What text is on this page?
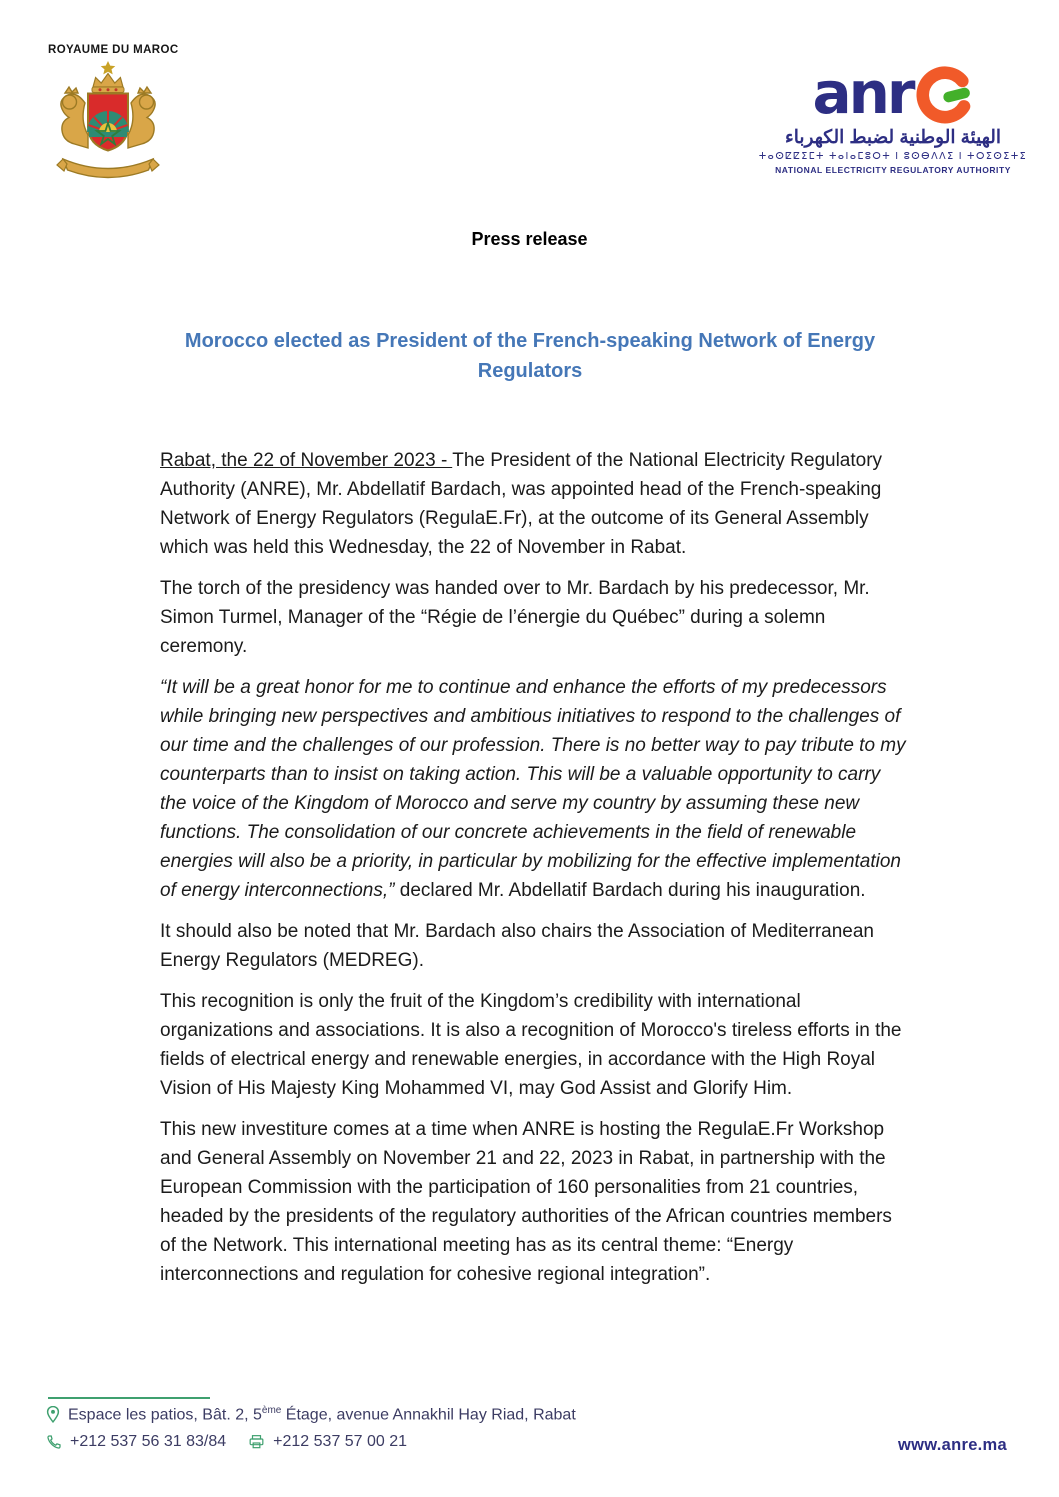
ROYAUME DU MAROC
anr
الهيئة الوطنية لضبط الكهرباء
ⵜⴰⵙⵇⵇⵉⵎⵜ ⵜⴰⵏⴰⵎⵓⵔⵜ ⵏ ⵓⵙⴱⴷⴷⵉ ⵏ ⵜⵔⵉⵙⵉⵜⵉ
NATIONAL ELECTRICITY REGULATORY AUTHORITY
Press release
Morocco elected as President of the French-speaking Network of Energy Regulators

Rabat, the 22 of November 2023 - The President of the National Electricity Regulatory Authority (ANRE), Mr. Abdellatif Bardach, was appointed head of the French-speaking Network of Energy Regulators (RegulaE.Fr), at the outcome of its General Assembly which was held this Wednesday, the 22 of November in Rabat.

The torch of the presidency was handed over to Mr. Bardach by his predecessor, Mr. Simon Turmel, Manager of the “Régie de l’énergie du Québec” during a solemn ceremony.

“It will be a great honor for me to continue and enhance the efforts of my predecessors while bringing new perspectives and ambitious initiatives to respond to the challenges of our time and the challenges of our profession. There is no better way to pay tribute to my counterparts than to insist on taking action. This will be a valuable opportunity to carry the voice of the Kingdom of Morocco and serve my country by assuming these new functions. The consolidation of our concrete achievements in the field of renewable energies will also be a priority, in particular by mobilizing for the effective implementation of energy interconnections,” declared Mr. Abdellatif Bardach during his inauguration.

It should also be noted that Mr. Bardach also chairs the Association of Mediterranean Energy Regulators (MEDREG).

This recognition is only the fruit of the Kingdom’s credibility with international organizations and associations. It is also a recognition of Morocco's tireless efforts in the fields of electrical energy and renewable energies, in accordance with the High Royal Vision of His Majesty King Mohammed VI, may God Assist and Glorify Him.

This new investiture comes at a time when ANRE is hosting the RegulaE.Fr Workshop and General Assembly on November 21 and 22, 2023 in Rabat, in partnership with the European Commission with the participation of 160 personalities from 21 countries, headed by the presidents of the regulatory authorities of the African countries members of the Network. This international meeting has as its central theme: “Energy interconnections and regulation for cohesive regional integration”.

Espace les patios, Bât. 2, 5ème Étage, avenue Annakhil Hay Riad, Rabat
+212 537 56 31 83/84	+212 537 57 00 21	www.anre.ma
